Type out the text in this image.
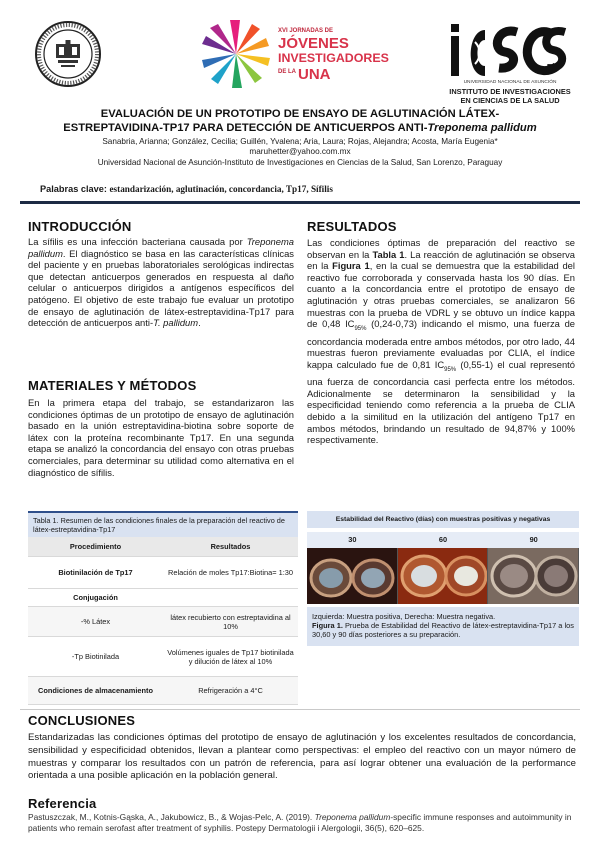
XVI JORNADAS DE
JÓVENES
INVESTIGADORES
DE LA UNA	UNIVERSIDAD NACIONAL DE ASUNCIÓN
INSTITUTO DE INVESTIGACIONES
EN CIENCIAS DE LA SALUD
EVALUACIÓN DE UN PROTOTIPO DE ENSAYO DE AGLUTINACIÓN LÁTEX-
ESTREPTAVIDINA-TP17 PARA DETECCIÓN DE ANTICUERPOS ANTI-Treponema pallidum
Sanabria, Arianna; González, Cecilia; Guillén, Yvalena; Aria, Laura; Rojas, Alejandra; Acosta, María Eugenia*
maruhetter@yahoo.com.mx
Universidad Nacional de Asunción-Instituto de Investigaciones en Ciencias de la Salud, San Lorenzo, Paraguay
Palabras clave: estandarización, aglutinación, concordancia, Tp17, Sífilis
INTRODUCCIÓN
La sífilis es una infección bacteriana causada por Treponema pallidum. El diagnóstico se basa en las características clínicas del paciente y en pruebas laboratoriales serológicas indirectas que detectan anticuerpos generados en respuesta al daño celular o anticuerpos dirigidos a antígenos específicos del patógeno. El objetivo de este trabajo fue evaluar un prototipo de ensayo de aglutinación de látex-estreptavidina-Tp17 para detección de anticuerpos anti-T. pallidum.
MATERIALES Y MÉTODOS
En la primera etapa del trabajo, se estandarizaron las condiciones óptimas de un prototipo de ensayo de aglutinación basado en la unión estreptavidina-biotina sobre soporte de látex con la proteína recombinante Tp17. En una segunda etapa se analizó la concordancia del ensayo con otras pruebas comerciales, para determinar su utilidad como alternativa en el diagnóstico de sífilis.
Tabla 1. Resumen de las condiciones finales de la preparación del reactivo de látex-estreptavidina-Tp17
Procedimiento	Resultados
Biotinilación de Tp17	Relación de moles Tp17:Biotina= 1:30
Conjugación
-% Látex	látex recubierto con estreptavidina al 10%
-Tp Biotinilada	Volúmenes iguales de Tp17 biotinilada y dilución de látex al 10%
Condiciones de almacenamiento	Refrigeración a 4°C
RESULTADOS
Las condiciones óptimas de preparación del reactivo se observan en la Tabla 1. La reacción de aglutinación se observa en la Figura 1, en la cual se demuestra que la estabilidad del reactivo fue corroborada y conservada hasta los 90 días. En cuanto a la concordancia entre el prototipo de ensayo de aglutinación y otras pruebas comerciales, se analizaron 56 muestras con la prueba de VDRL y se obtuvo un índice kappa de 0,48 $IC_{95\%}$ (0,24-0,73) indicando el mismo, una fuerza de concordancia moderada entre ambos métodos, por otro lado, 44 muestras fueron previamente evaluadas por CLIA, el índice kappa calculado fue de 0,81 $IC_{95\%}$ (0,55-1) el cual representó una fuerza de concordancia casi perfecta entre los métodos. Adicionalmente se determinaron la sensibilidad y la especificidad teniendo como referencia a la prueba de CLIA debido a la similitud en la utilización del antígeno Tp17 en ambos métodos, brindando un resultado de 94,87% y 100% respectivamente.
Estabilidad del Reactivo (días) con muestras positivas y negativas
30	60	90
Izquierda: Muestra positiva, Derecha: Muestra negativa.
Figura 1. Prueba de Estabilidad del Reactivo de látex-estreptavidina-Tp17 a los 30,60 y 90 días posteriores a su preparación.
CONCLUSIONES
Estandarizadas las condiciones óptimas del prototipo de ensayo de aglutinación y los excelentes resultados de concordancia, sensibilidad y especificidad obtenidos, llevan a plantear como perspectivas: el empleo del reactivo con un mayor número de muestras y comparar los resultados con un patrón de referencia, para así lograr obtener una evaluación de la performance orientada a una posible aplicación en la población general.
Referencia
Pastuszczak, M., Kotnis-Gąska, A., Jakubowicz, B., & Wojas-Pelc, A. (2019). Treponema pallidum-specific immune responses and autoimmunity in patients who remain serofast after treatment of syphilis. Postepy Dermatologii i Alergologii, 36(5), 620–625.
